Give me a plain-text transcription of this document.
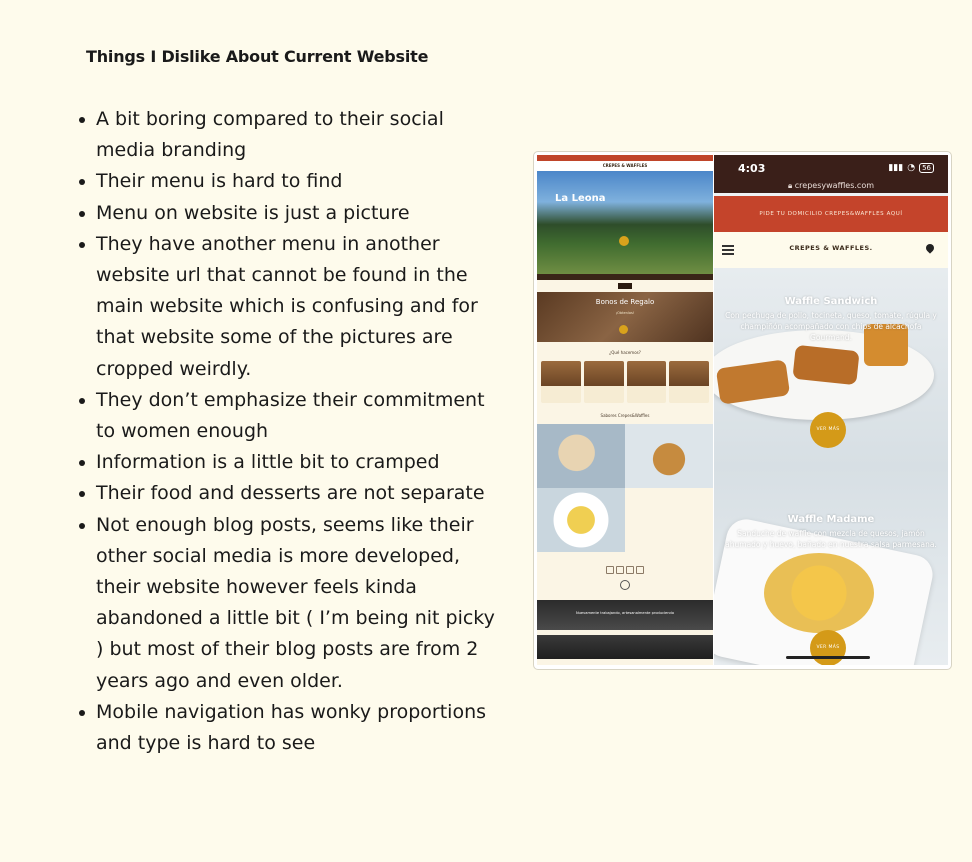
Things I Dislike About Current Website
A bit boring compared to their social media branding
Their menu is hard to find
Menu on website is just a picture
They have another menu in another website url that cannot be found in the main website which is confusing and for that website some of the pictures are cropped weirdly.
They don’t emphasize their commitment to women enough
Information is a little bit to cramped
Their food and desserts are not separate
Not enough blog posts, seems like their other social media is more developed, their website however feels kinda abandoned a little bit ( I’m being nit picky ) but most of their blog posts are from 2 years ago and even older.
Mobile navigation has wonky proportions and type is hard to see
CREPES & WAFFLES
La Leona
Bonos de Regalo
¡Obtenlos!
¿Qué hacemos?
Sabores Crepes&Waffles
Nuevamente trabajando, artesanalmente produciendo
4:03	▮▮▮ ◔	56
🔒︎ crepesywaffles.com
PIDE TU DOMICILIO CREPES&WAFFLES AQUÍ
CREPES & WAFFLES.
Waffle Sandwich
Con pechuga de pollo, tocineta, queso, tomate, rúgula y champiñón acompañado con chips de alcachofa Gourmand.
VER MÁS
Waffle Madame
Sanduche de waffle con mezcla de quesos, jamón ahumado y huevo, bañado en nuestra salsa parmesana.
VER MÁS
